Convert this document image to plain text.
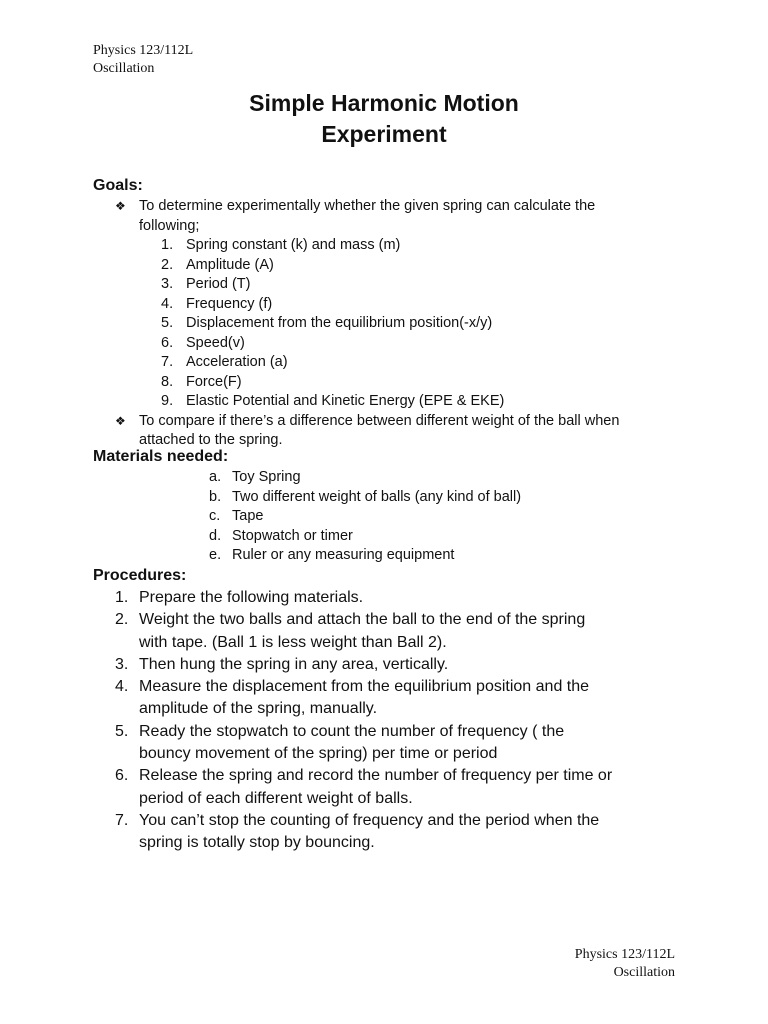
Physics 123/112L
Oscillation
Simple Harmonic Motion
Experiment
Goals:
❖ To determine experimentally whether the given spring can calculate the
following;
1. Spring constant (k) and mass (m)
2. Amplitude (A)
3. Period (T)
4. Frequency (f)
5. Displacement from the equilibrium position(-x/y)
6. Speed(v)
7. Acceleration (a)
8. Force(F)
9. Elastic Potential and Kinetic Energy (EPE & EKE)
❖ To compare if there’s a difference between different weight of the ball when
attached to the spring.
Materials needed:
a. Toy Spring
b. Two different weight of balls (any kind of ball)
c. Tape
d. Stopwatch or timer
e. Ruler or any measuring equipment
Procedures:
1. Prepare the following materials.
2. Weight the two balls and attach the ball to the end of the spring
with tape. (Ball 1 is less weight than Ball 2).
3. Then hung the spring in any area, vertically.
4. Measure the displacement from the equilibrium position and the
amplitude of the spring, manually.
5. Ready the stopwatch to count the number of frequency ( the
bouncy movement of the spring) per time or period
6. Release the spring and record the number of frequency per time or
period of each different weight of balls.
7. You can’t stop the counting of frequency and the period when the
spring is totally stop by bouncing.
Physics 123/112L
Oscillation
